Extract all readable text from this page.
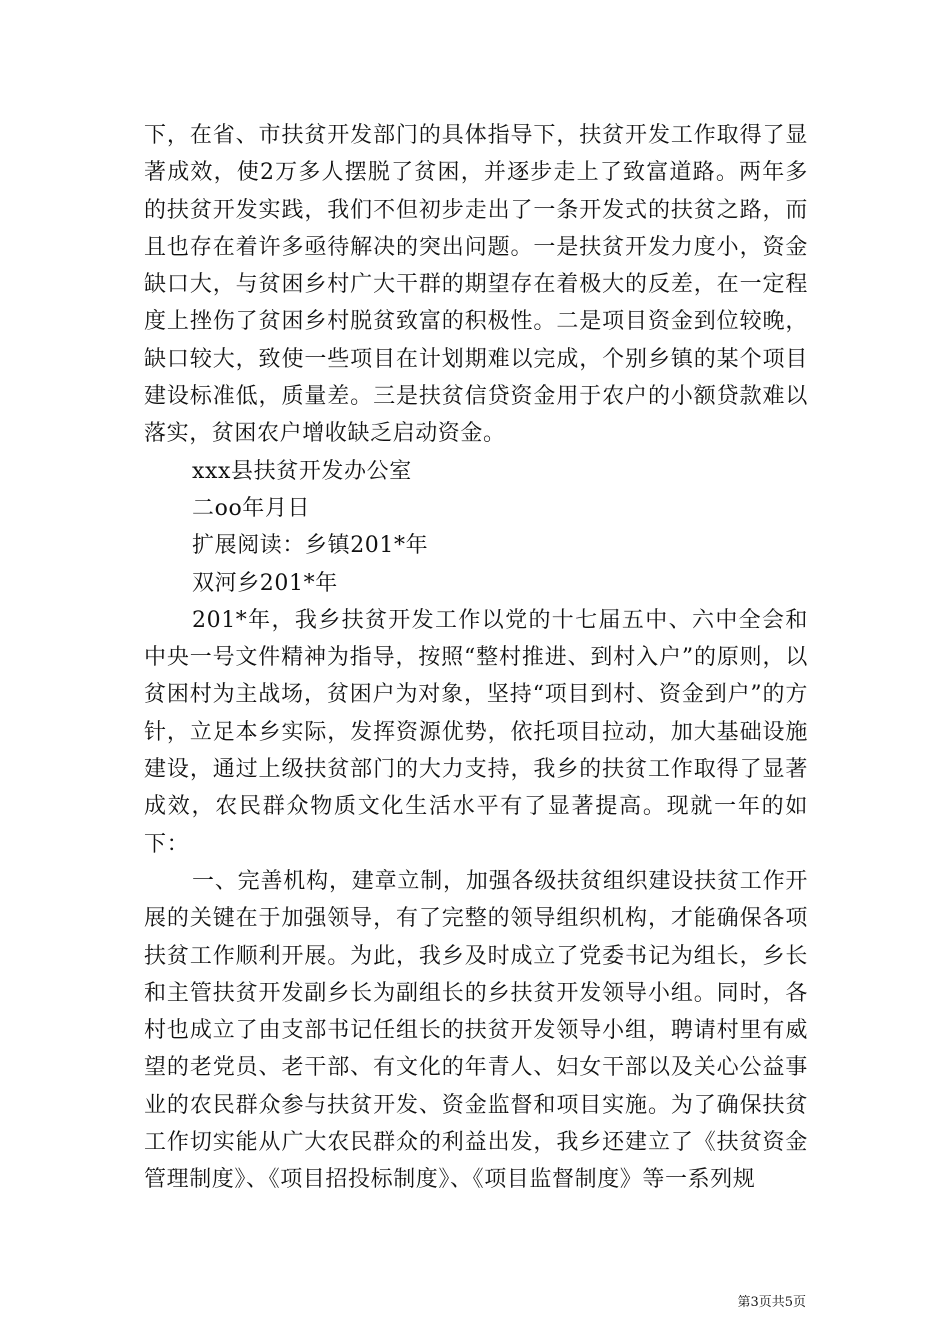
下，在省、市扶贫开发部门的具体指导下，扶贫开发工作取得了显著成效，使2万多人摆脱了贫困，并逐步走上了致富道路。两年多的扶贫开发实践，我们不但初步走出了一条开发式的扶贫之路，而且也存在着许多亟待解决的突出问题。一是扶贫开发力度小，资金缺口大，与贫困乡村广大干群的期望存在着极大的反差，在一定程度上挫伤了贫困乡村脱贫致富的积极性。二是项目资金到位较晚，缺口较大，致使一些项目在计划期难以完成，个别乡镇的某个项目建设标准低，质量差。三是扶贫信贷资金用于农户的小额贷款难以落实，贫困农户增收缺乏启动资金。

xxx县扶贫开发办公室

二oo年月日

扩展阅读：乡镇201*年

双河乡201*年

201*年，我乡扶贫开发工作以党的十七届五中、六中全会和中央一号文件精神为指导，按照“整村推进、到村入户”的原则，以贫困村为主战场，贫困户为对象，坚持“项目到村、资金到户”的方针，立足本乡实际，发挥资源优势，依托项目拉动，加大基础设施建设，通过上级扶贫部门的大力支持，我乡的扶贫工作取得了显著成效，农民群众物质文化生活水平有了显著提高。现就一年的如下：

一、完善机构，建章立制，加强各级扶贫组织建设扶贫工作开展的关键在于加强领导，有了完整的领导组织机构，才能确保各项扶贫工作顺利开展。为此，我乡及时成立了党委书记为组长，乡长和主管扶贫开发副乡长为副组长的乡扶贫开发领导小组。同时，各村也成立了由支部书记任组长的扶贫开发领导小组，聘请村里有威望的老党员、老干部、有文化的年青人、妇女干部以及关心公益事业的农民群众参与扶贫开发、资金监督和项目实施。为了确保扶贫工作切实能从广大农民群众的利益出发，我乡还建立了《扶贫资金管理制度》、《项目招投标制度》、《项目监督制度》等一系列规

第3页共5页
